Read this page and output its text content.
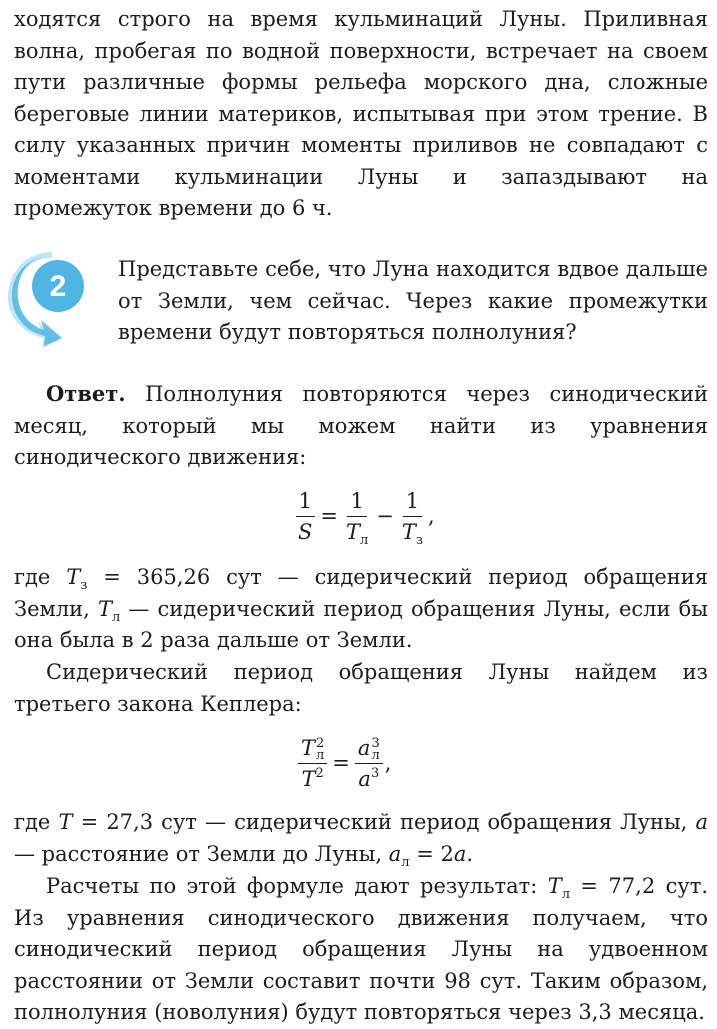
ходятся строго на время кульминаций Луны. Приливная волна, пробегая по водной поверхности, встречает на своем пути различные формы рельефа морского дна, сложные береговые линии материков, испытывая при этом трение. В силу указанных причин моменты приливов не совпадают с моментами кульминации Луны и запаздывают на промежуток времени до 6 ч.

2

Представьте себе, что Луна находится вдвое дальше от Земли, чем сейчас. Через какие промежутки времени будут повторяться полнолуния?

Ответ. Полнолуния повторяются через синодический месяц, который мы можем найти из уравнения синодического движения:

$\frac{1}{S} = \frac{1}{T_л} - \frac{1}{T_з}$ ,

где $T_з = 365,26$ сут — сидерический период обращения Земли, $T_л$ — сидерический период обращения Луны, если бы она была в 2 раза дальше от Земли.

Сидерический период обращения Луны найдем из третьего закона Кеплера:

T 2
л
$T^2 = a$ 3
л
$a^3$ ,

где T = 27,3 сут — сидерический период обращения Луны, a — расстояние от Земли до Луны, $a_л = 2a$.

Расчеты по этой формуле дают результат: $T_л = 77,2$ сут. Из уравнения синодического движения получаем, что синодический период обращения Луны на удвоенном расстоянии от Земли составит почти 98 сут. Таким образом, полнолуния (новолуния) будут повторяться через 3,3 месяца.
